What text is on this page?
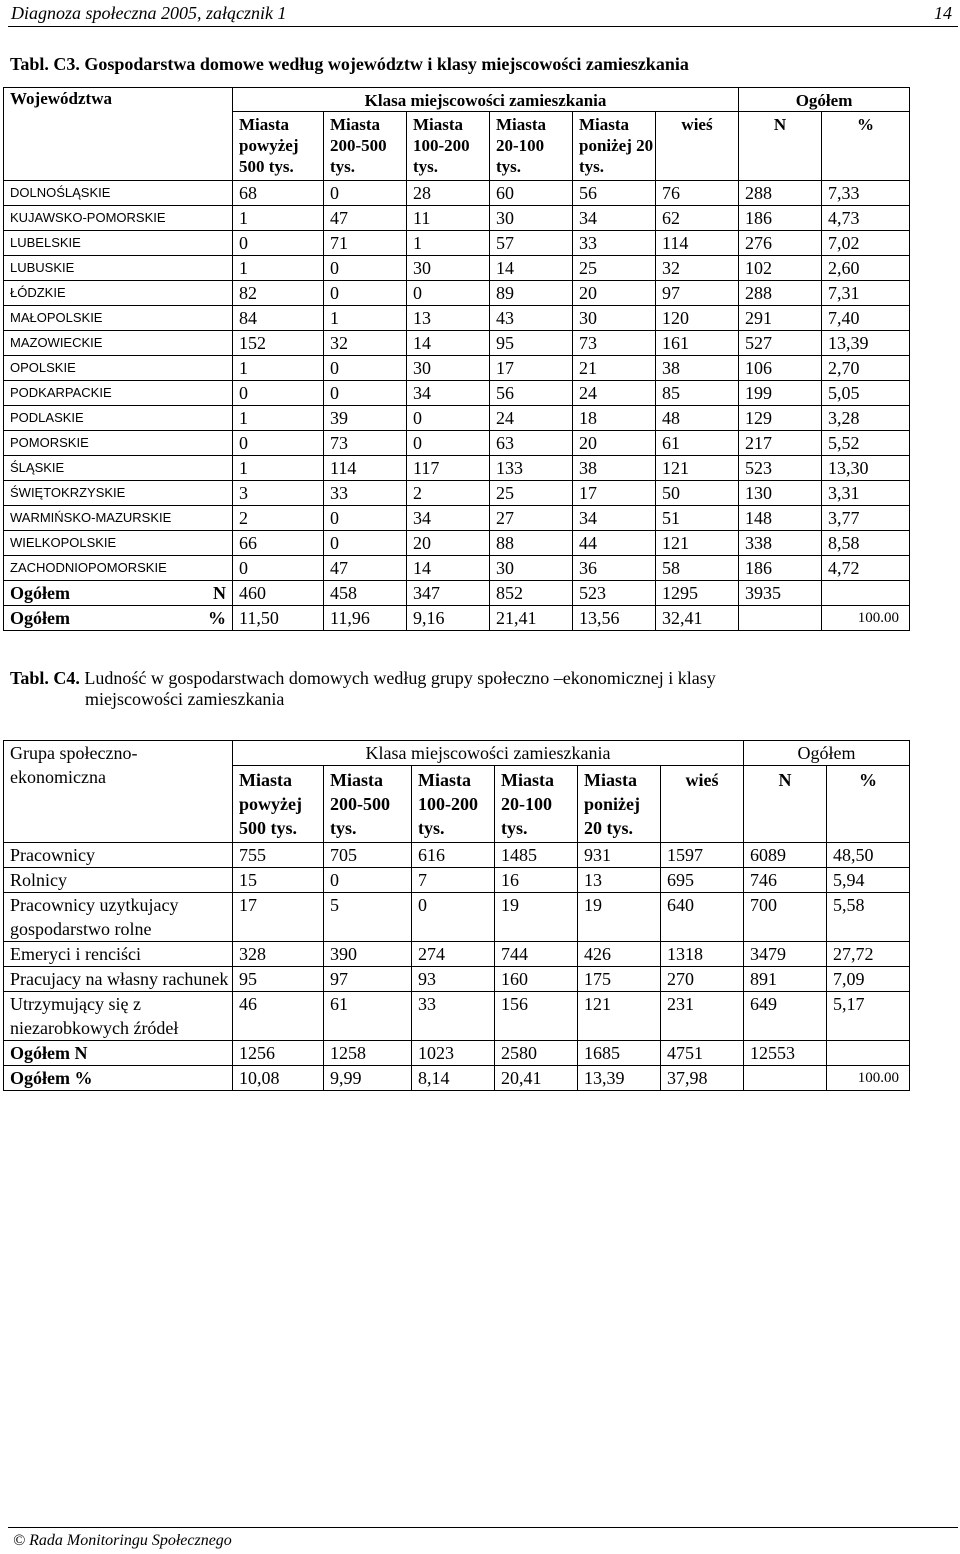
Diagnoza społeczna 2005, załącznik 1	14
Tabl. C3. Gospodarstwa domowe według województw i klasy miejscowości zamieszkania
Województwa	Klasa miejscowości zamieszkania						Ogółem	
	Miasta powyżej 500 tys.	Miasta 200-500 tys.	Miasta 100-200 tys.	Miasta 20-100 tys.	Miasta poniżej 20 tys.	wieś	N	%
DOLNOŚLĄSKIE	68	0	28	60	56	76	288	7,33
KUJAWSKO-POMORSKIE	1	47	11	30	34	62	186	4,73
LUBELSKIE	0	71	1	57	33	114	276	7,02
LUBUSKIE	1	0	30	14	25	32	102	2,60
ŁÓDZKIE	82	0	0	89	20	97	288	7,31
MAŁOPOLSKIE	84	1	13	43	30	120	291	7,40
MAZOWIECKIE	152	32	14	95	73	161	527	13,39
OPOLSKIE	1	0	30	17	21	38	106	2,70
PODKARPACKIE	0	0	34	56	24	85	199	5,05
PODLASKIE	1	39	0	24	18	48	129	3,28
POMORSKIE	0	73	0	63	20	61	217	5,52
ŚLĄSKIE	1	114	117	133	38	121	523	13,30
ŚWIĘTOKRZYSKIE	3	33	2	25	17	50	130	3,31
WARMIŃSKO-MAZURSKIE	2	0	34	27	34	51	148	3,77
WIELKOPOLSKIE	66	0	20	88	44	121	338	8,58
ZACHODNIOPOMORSKIE	0	47	14	30	36	58	186	4,72
Ogółem N	460	458	347	852	523	1295	3935	
Ogółem %	11,50	11,96	9,16	21,41	13,56	32,41		100.00
Tabl. C4. Ludność w gospodarstwach domowych według grupy społeczno –ekonomicznej i klasy
miejscowości zamieszkania
Grupa społeczno-ekonomiczna	Klasa miejscowości zamieszkania						Ogółem	
	Miasta powyżej 500 tys.	Miasta 200-500 tys.	Miasta 100-200 tys.	Miasta 20-100 tys.	Miasta poniżej 20 tys.	wieś	N	%
Pracownicy	755	705	616	1485	931	1597	6089	48,50
Rolnicy	15	0	7	16	13	695	746	5,94
Pracownicy uzytkujacy gospodarstwo rolne	17	5	0	19	19	640	700	5,58
Emeryci i renciści	328	390	274	744	426	1318	3479	27,72
Pracujacy na własny rachunek	95	97	93	160	175	270	891	7,09
Utrzymujący się z niezarobkowych źródeł	46	61	33	156	121	231	649	5,17
Ogółem N	1256	1258	1023	2580	1685	4751	12553	
Ogółem %	10,08	9,99	8,14	20,41	13,39	37,98		100.00
© Rada Monitoringu Społecznego
